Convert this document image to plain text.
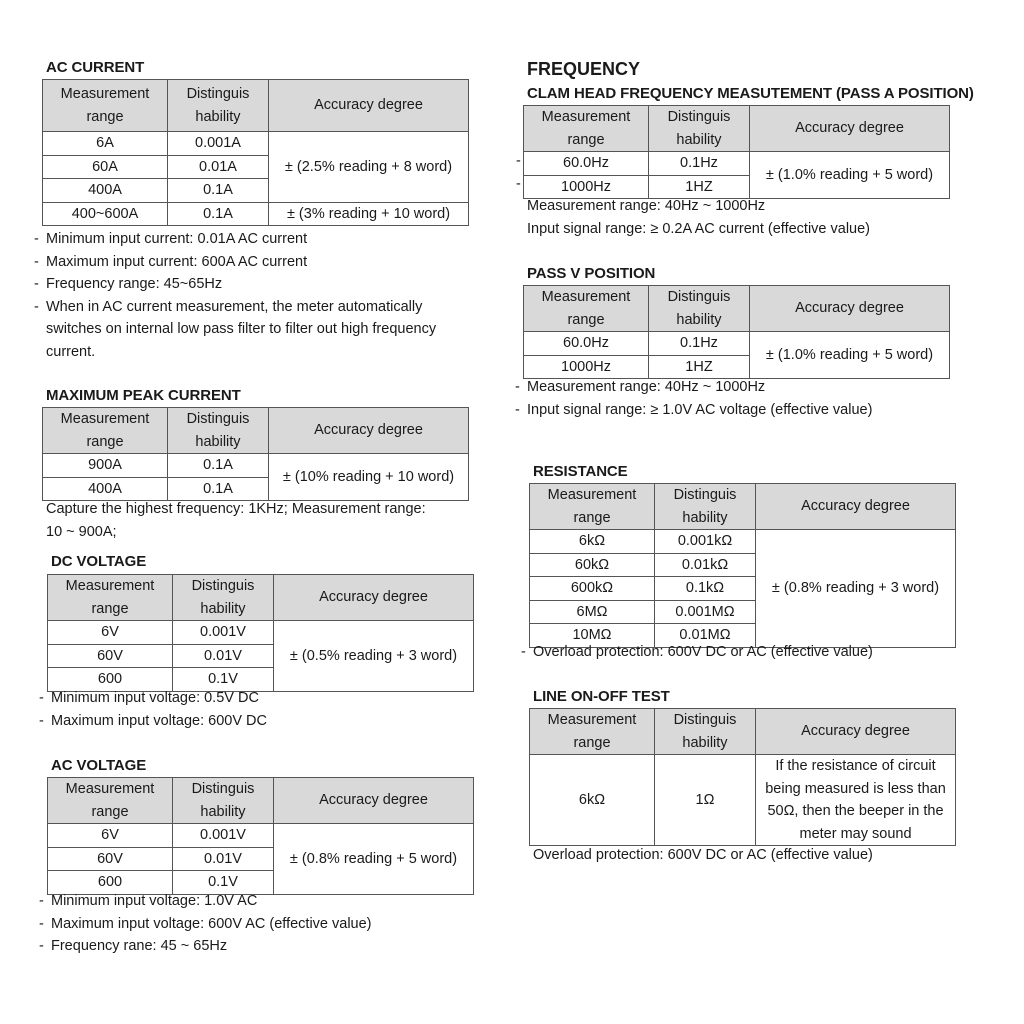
AC CURRENT
Measurement range	Distinguis hability	Accuracy degree
6A	0.001A	± (2.5% reading + 8 word)
60A	0.01A	
400A	0.1A	
400~600A	0.1A	± (3% reading + 10 word)
- Minimum input current: 0.01A AC current
- Maximum input current: 600A AC current
- Frequency range: 45~65Hz
- When in AC current measurement, the meter automatically
switches on internal low pass filter to filter out high frequency
current.
MAXIMUM PEAK CURRENT
Measurement range	Distinguis hability	Accuracy degree
900A	0.1A	± (10% reading + 10 word)
400A	0.1A	
Capture the highest frequency: 1KHz; Measurement range:
10 ~ 900A;
DC VOLTAGE
Measurement range	Distinguis hability	Accuracy degree
6V	0.001V	± (0.5% reading + 3 word)
60V	0.01V	
600	0.1V	
- Minimum input voltage: 0.5V DC
- Maximum input voltage: 600V DC
AC VOLTAGE
Measurement range	Distinguis hability	Accuracy degree
6V	0.001V	± (0.8% reading + 5 word)
60V	0.01V	
600	0.1V	
- Minimum input voltage: 1.0V AC
- Maximum input voltage: 600V AC (effective value)
- Frequency rane: 45 ~ 65Hz
FREQUENCY
CLAM HEAD FREQUENCY MEASUTEMENT (PASS A POSITION)
-
-
Measurement range	Distinguis hability	Accuracy degree
60.0Hz	0.1Hz	± (1.0% reading + 5 word)
1000Hz	1HZ	
Measurement range: 40Hz ~ 1000Hz
Input signal range: ≥ 0.2A AC current (effective value)
PASS V POSITION
Measurement range	Distinguis hability	Accuracy degree
60.0Hz	0.1Hz	± (1.0% reading + 5 word)
1000Hz	1HZ	
- Measurement range: 40Hz ~ 1000Hz
- Input signal range: ≥ 1.0V AC voltage (effective value)
RESISTANCE
Measurement range	Distinguis hability	Accuracy degree
6kΩ	0.001kΩ	± (0.8% reading + 3 word)
60kΩ	0.01kΩ	
600kΩ	0.1kΩ	
6MΩ	0.001MΩ	
10MΩ	0.01MΩ	
- Overload protection: 600V DC or AC (effective value)
LINE ON-OFF TEST
Measurement range	Distinguis hability	Accuracy degree
6kΩ	1Ω	If the resistance of circuit being measured is less than 50Ω, then the beeper in the meter may sound
Overload protection: 600V DC or AC (effective value)
